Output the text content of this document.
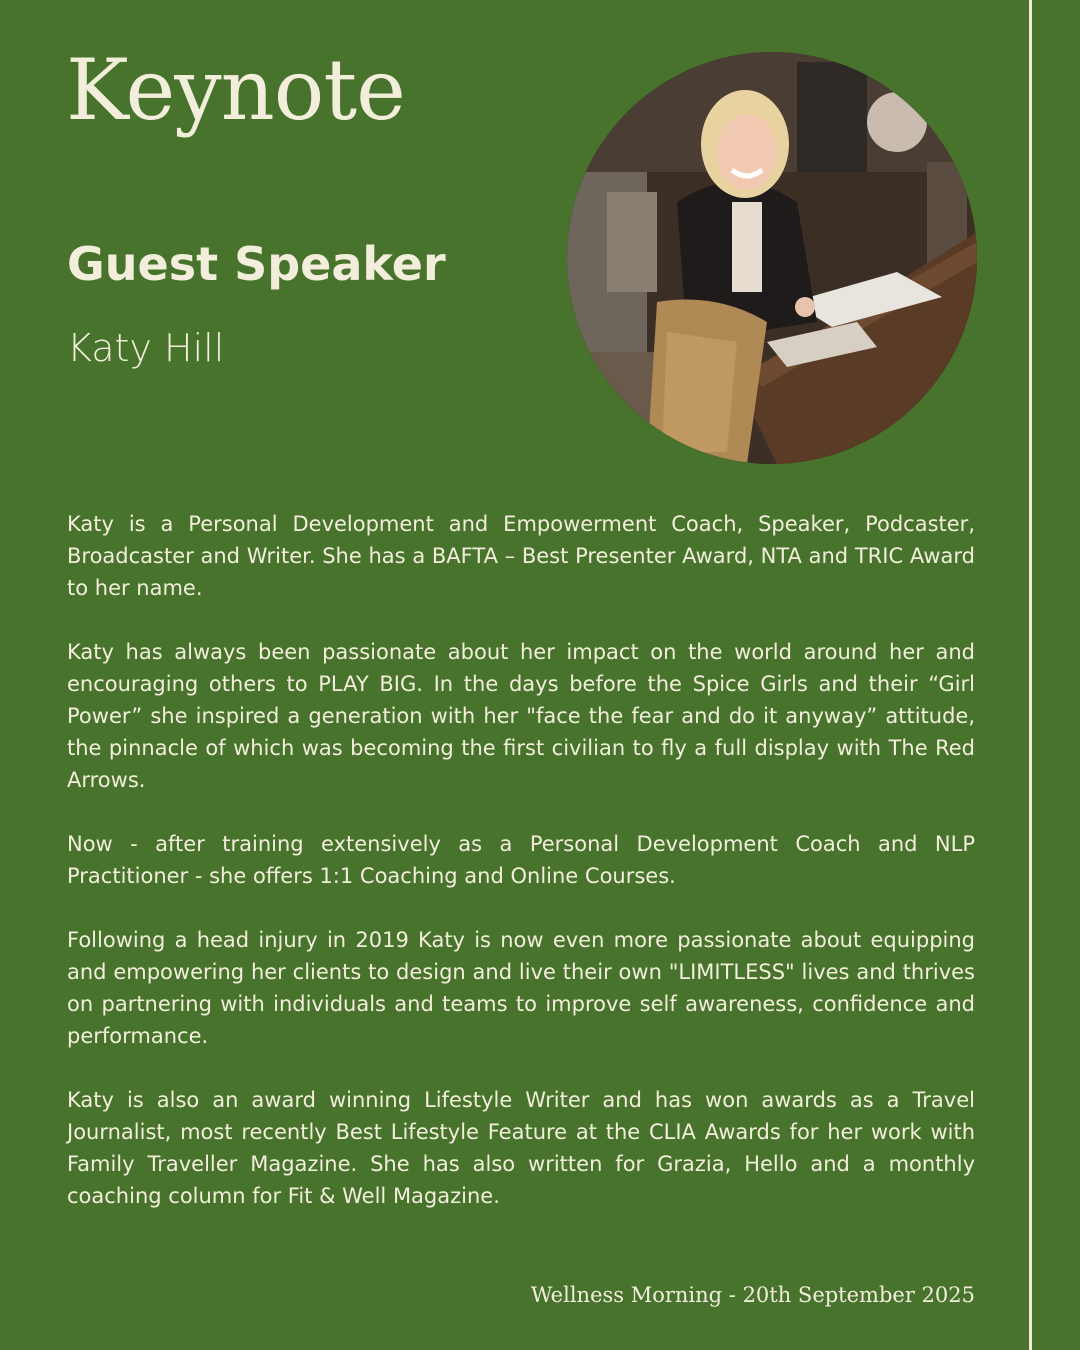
Keynote
Guest Speaker
Katy Hill

Katy is a Personal Development and Empowerment Coach, Speaker, Podcaster, Broadcaster and Writer. She has a BAFTA – Best Presenter Award, NTA and TRIC Award to her name.

Katy has always been passionate about her impact on the world around her and encouraging others to PLAY BIG. In the days before the Spice Girls and their “Girl Power” she inspired a generation with her "face the fear and do it anyway” attitude, the pinnacle of which was becoming the first civilian to fly a full display with The Red Arrows.

Now - after training extensively as a Personal Development Coach and NLP Practitioner - she offers 1:1 Coaching and Online Courses.

Following a head injury in 2019 Katy is now even more passionate about equipping and empowering her clients to design and live their own "LIMITLESS" lives and thrives on partnering with individuals and teams to improve self awareness, confidence and performance.

Katy is also an award winning Lifestyle Writer and has won awards as a Travel Journalist, most recently Best Lifestyle Feature at the CLIA Awards for her work with Family Traveller Magazine. She has also written for Grazia, Hello and a monthly coaching column for Fit & Well Magazine.

Wellness Morning - 20th September 2025
